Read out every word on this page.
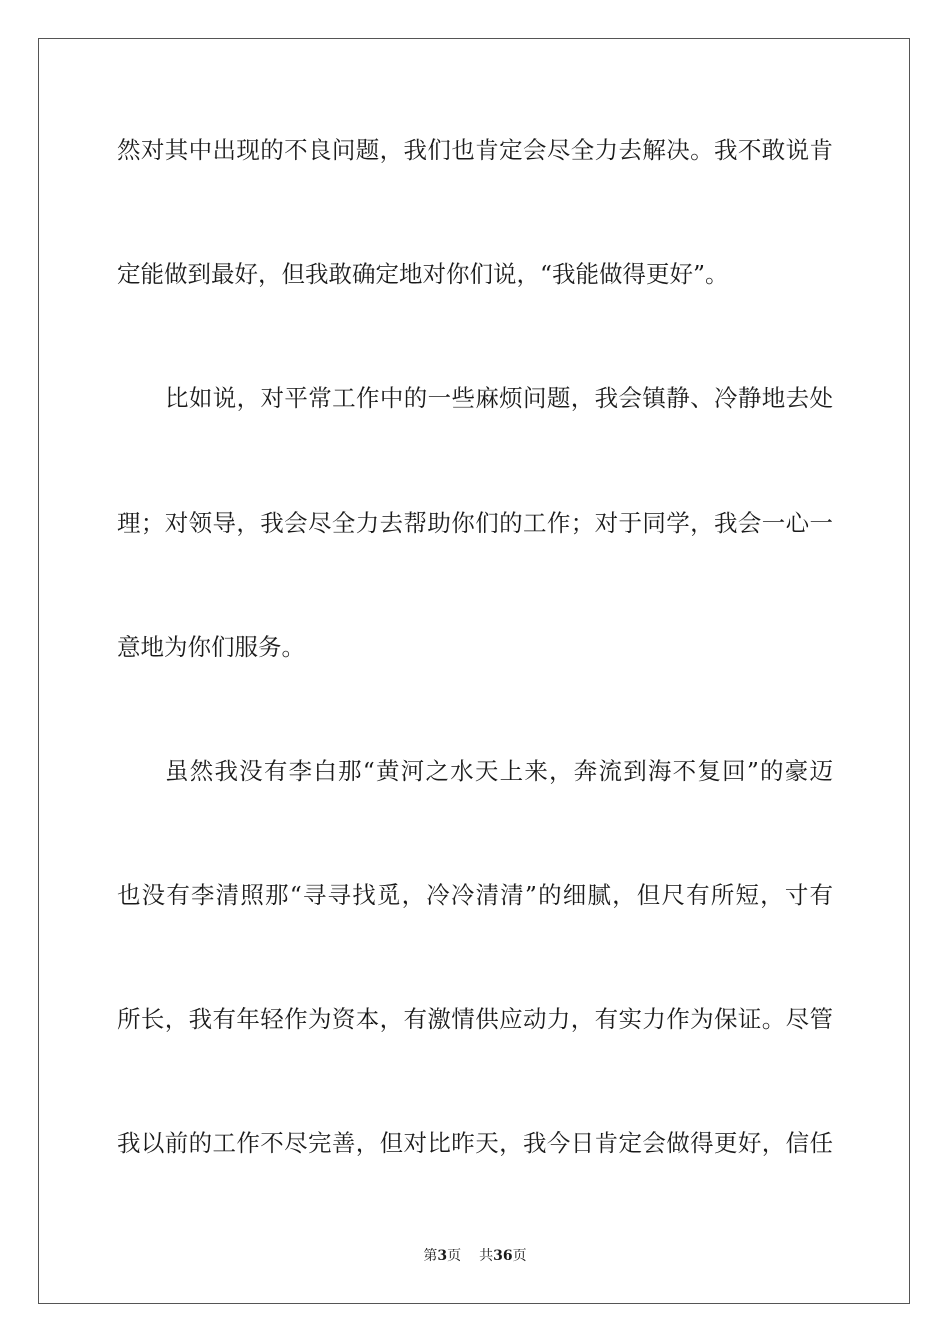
然对其中出现的不良问题，我们也肯定会尽全力去解决。我不敢说肯
定能做到最好，但我敢确定地对你们说，“我能做得更好”。
比如说，对平常工作中的一些麻烦问题，我会镇静、冷静地去处
理；对领导，我会尽全力去帮助你们的工作；对于同学，我会一心一
意地为你们服务。
虽然我没有李白那“黄河之水天上来，奔流到海不复回”的豪迈
也没有李清照那“寻寻找觅，冷冷清清”的细腻，但尺有所短，寸有
所长，我有年轻作为资本，有激情供应动力，有实力作为保证。尽管
我以前的工作不尽完善，但对比昨天，我今日肯定会做得更好，信任
第3页 共36页
